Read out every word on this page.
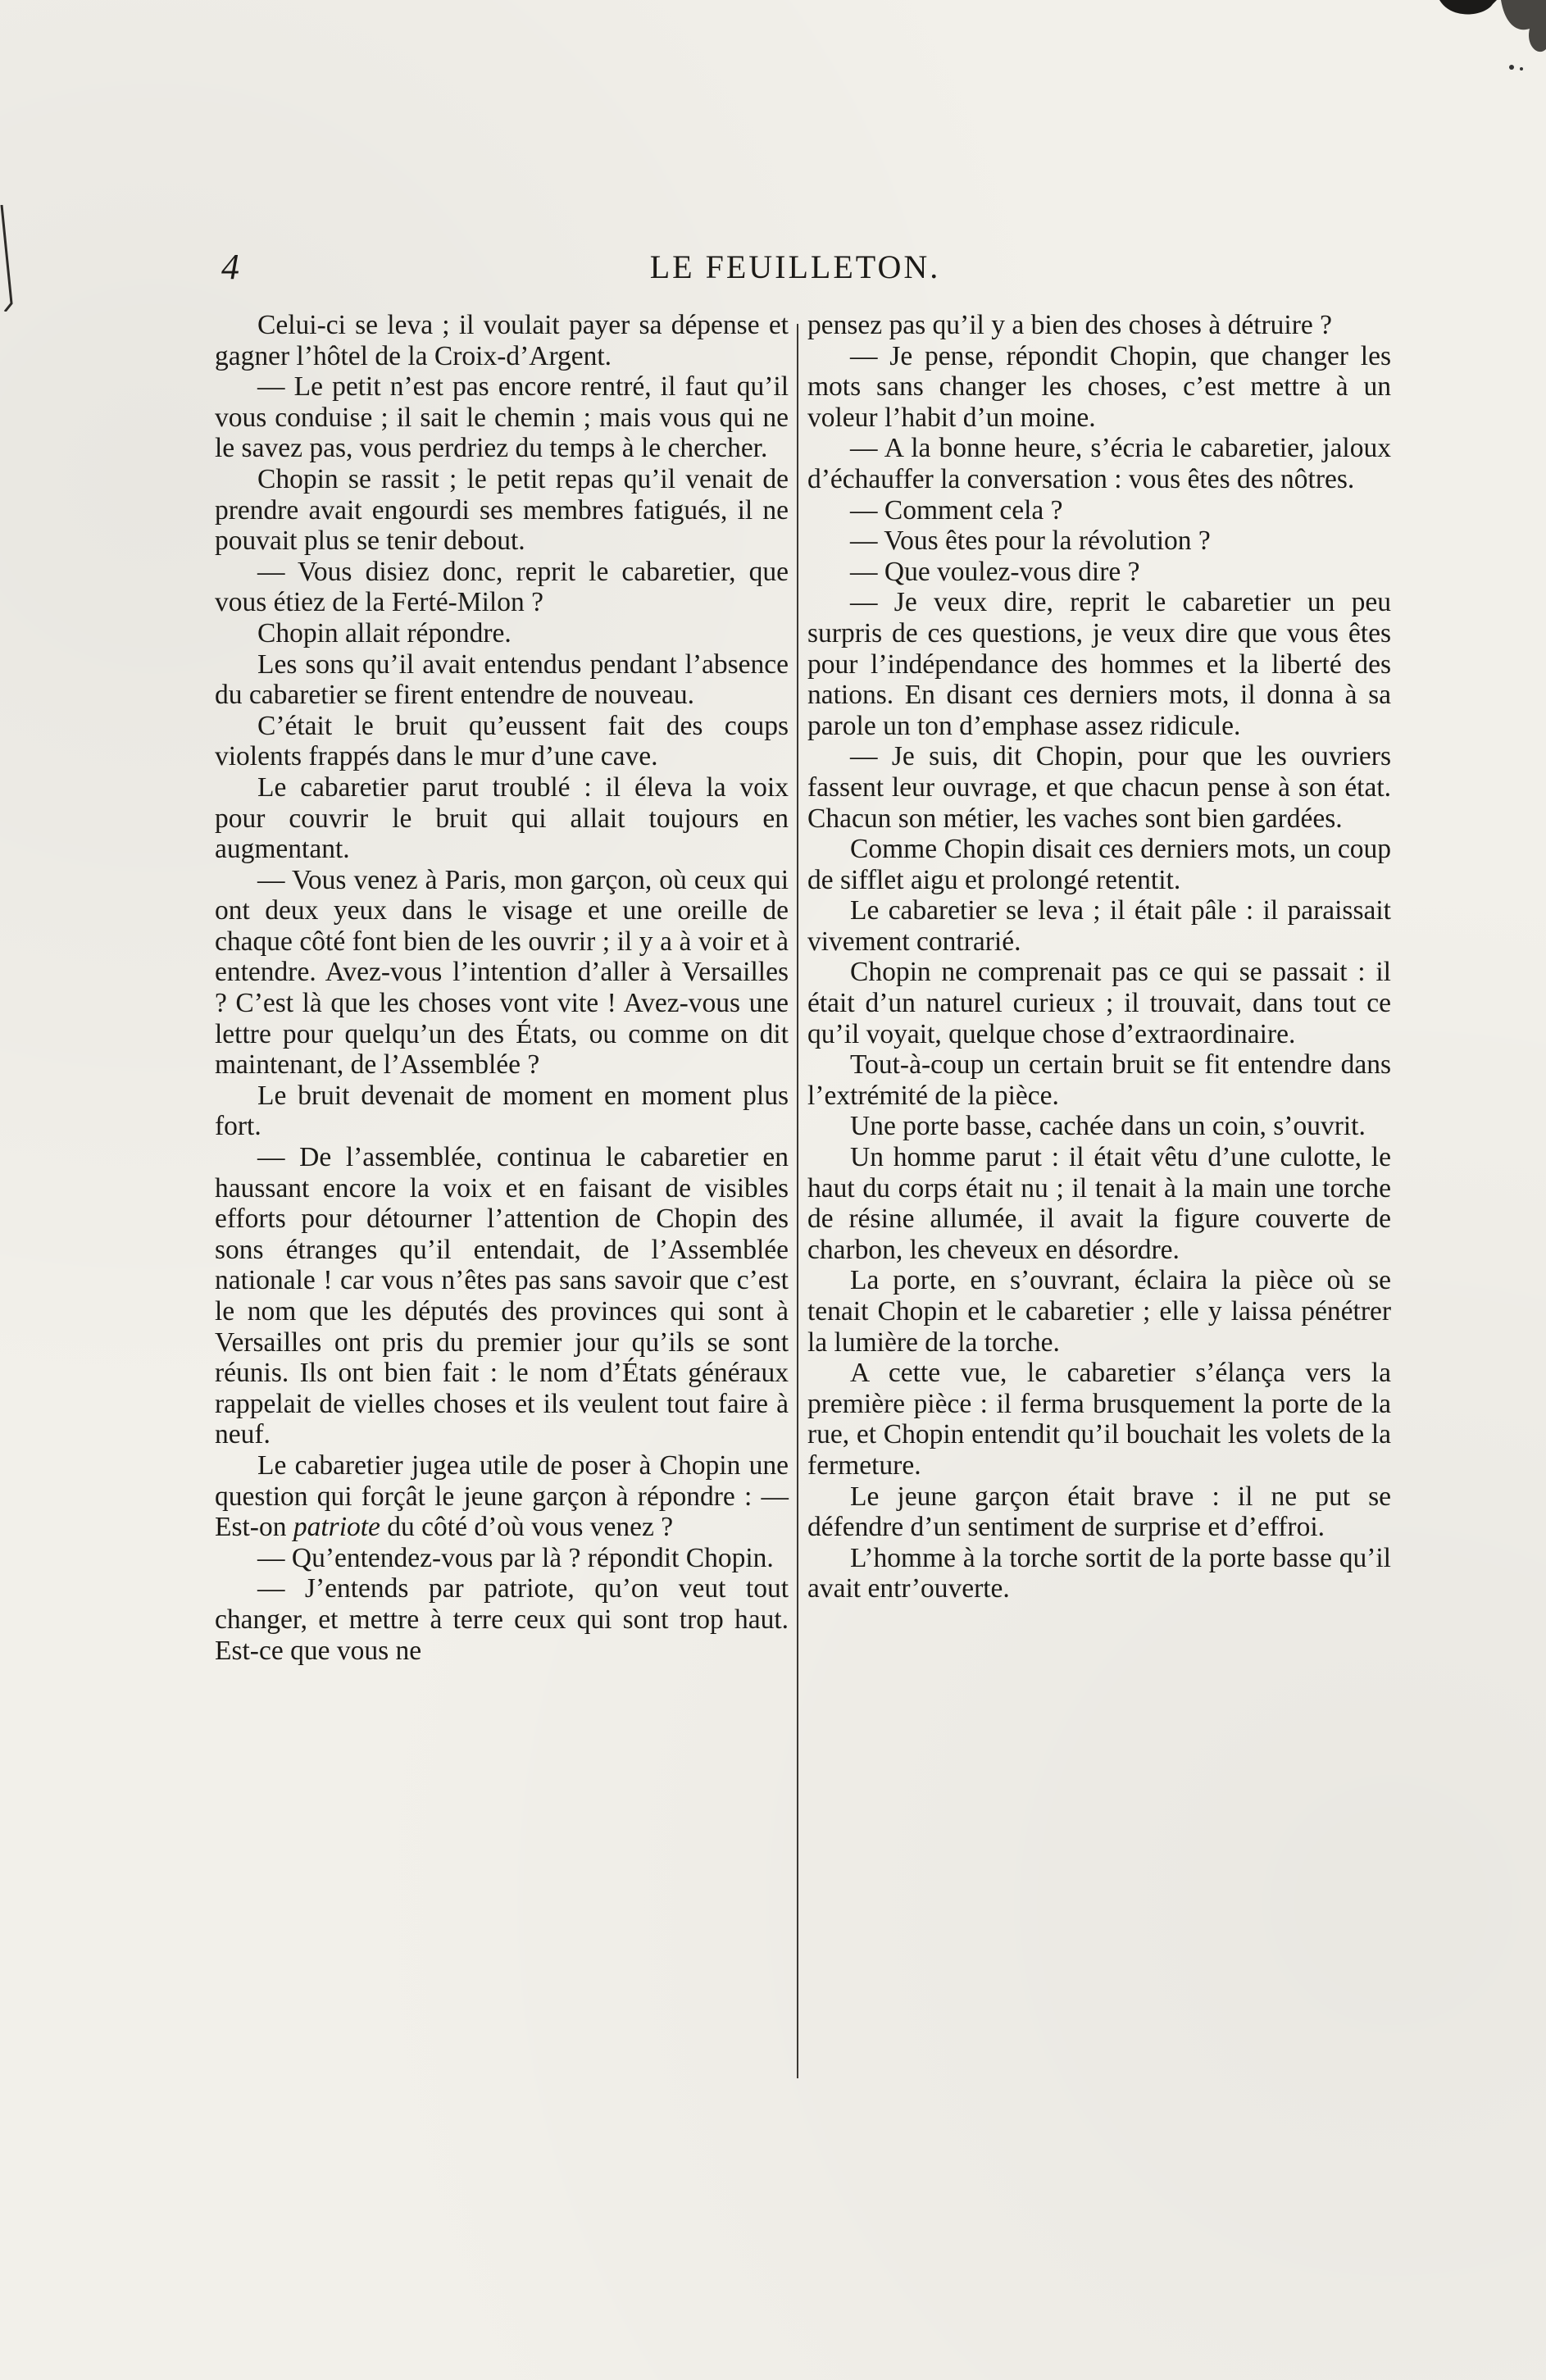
4	LE FEUILLETON.

Celui-ci se leva ; il voulait payer sa dépense et gagner l’hôtel de la Croix-d’Argent.

— Le petit n’est pas encore rentré, il faut qu’il vous conduise ; il sait le chemin ; mais vous qui ne le savez pas, vous perdriez du temps à le chercher.

Chopin se rassit ; le petit repas qu’il venait de prendre avait engourdi ses membres fatigués, il ne pouvait plus se tenir debout.

— Vous disiez donc, reprit le cabaretier, que vous étiez de la Ferté-Milon ?

Chopin allait répondre.

Les sons qu’il avait entendus pendant l’absence du cabaretier se firent entendre de nouveau.

C’était le bruit qu’eussent fait des coups violents frappés dans le mur d’une cave.

Le cabaretier parut troublé : il éleva la voix pour couvrir le bruit qui allait toujours en augmentant.

— Vous venez à Paris, mon garçon, où ceux qui ont deux yeux dans le visage et une oreille de chaque côté font bien de les ouvrir ; il y a à voir et à entendre. Avez-vous l’intention d’aller à Versailles ? C’est là que les choses vont vite ! Avez-vous une lettre pour quelqu’un des États, ou comme on dit maintenant, de l’Assemblée ?

Le bruit devenait de moment en moment plus fort.

— De l’assemblée, continua le cabaretier en haussant encore la voix et en faisant de visibles efforts pour détourner l’attention de Chopin des sons étranges qu’il entendait, de l’Assemblée nationale ! car vous n’êtes pas sans savoir que c’est le nom que les députés des provinces qui sont à Versailles ont pris du premier jour qu’ils se sont réunis. Ils ont bien fait : le nom d’États généraux rappelait de vielles choses et ils veulent tout faire à neuf.

Le cabaretier jugea utile de poser à Chopin une question qui forçât le jeune garçon à répondre : — Est-on patriote du côté d’où vous venez ?

— Qu’entendez-vous par là ? répondit Chopin.

— J’entends par patriote, qu’on veut tout changer, et mettre à terre ceux qui sont trop haut. Est-ce que vous ne

pensez pas qu’il y a bien des choses à détruire ?

— Je pense, répondit Chopin, que changer les mots sans changer les choses, c’est mettre à un voleur l’habit d’un moine.

— A la bonne heure, s’écria le cabaretier, jaloux d’échauffer la conversation : vous êtes des nôtres.

— Comment cela ?

— Vous êtes pour la révolution ?

— Que voulez-vous dire ?

— Je veux dire, reprit le cabaretier un peu surpris de ces questions, je veux dire que vous êtes pour l’indépendance des hommes et la liberté des nations. En disant ces derniers mots, il donna à sa parole un ton d’emphase assez ridicule.

— Je suis, dit Chopin, pour que les ouvriers fassent leur ouvrage, et que chacun pense à son état. Chacun son métier, les vaches sont bien gardées.

Comme Chopin disait ces derniers mots, un coup de sifflet aigu et prolongé retentit.

Le cabaretier se leva ; il était pâle : il paraissait vivement contrarié.

Chopin ne comprenait pas ce qui se passait : il était d’un naturel curieux ; il trouvait, dans tout ce qu’il voyait, quelque chose d’extraordinaire.

Tout-à-coup un certain bruit se fit entendre dans l’extrémité de la pièce.

Une porte basse, cachée dans un coin, s’ouvrit.

Un homme parut : il était vêtu d’une culotte, le haut du corps était nu ; il tenait à la main une torche de résine allumée, il avait la figure couverte de charbon, les cheveux en désordre.

La porte, en s’ouvrant, éclaira la pièce où se tenait Chopin et le cabaretier ; elle y laissa pénétrer la lumière de la torche.

A cette vue, le cabaretier s’élança vers la première pièce : il ferma brusquement la porte de la rue, et Chopin entendit qu’il bouchait les volets de la fermeture.

Le jeune garçon était brave : il ne put se défendre d’un sentiment de surprise et d’effroi.

L’homme à la torche sortit de la porte basse qu’il avait entr’ouverte.
